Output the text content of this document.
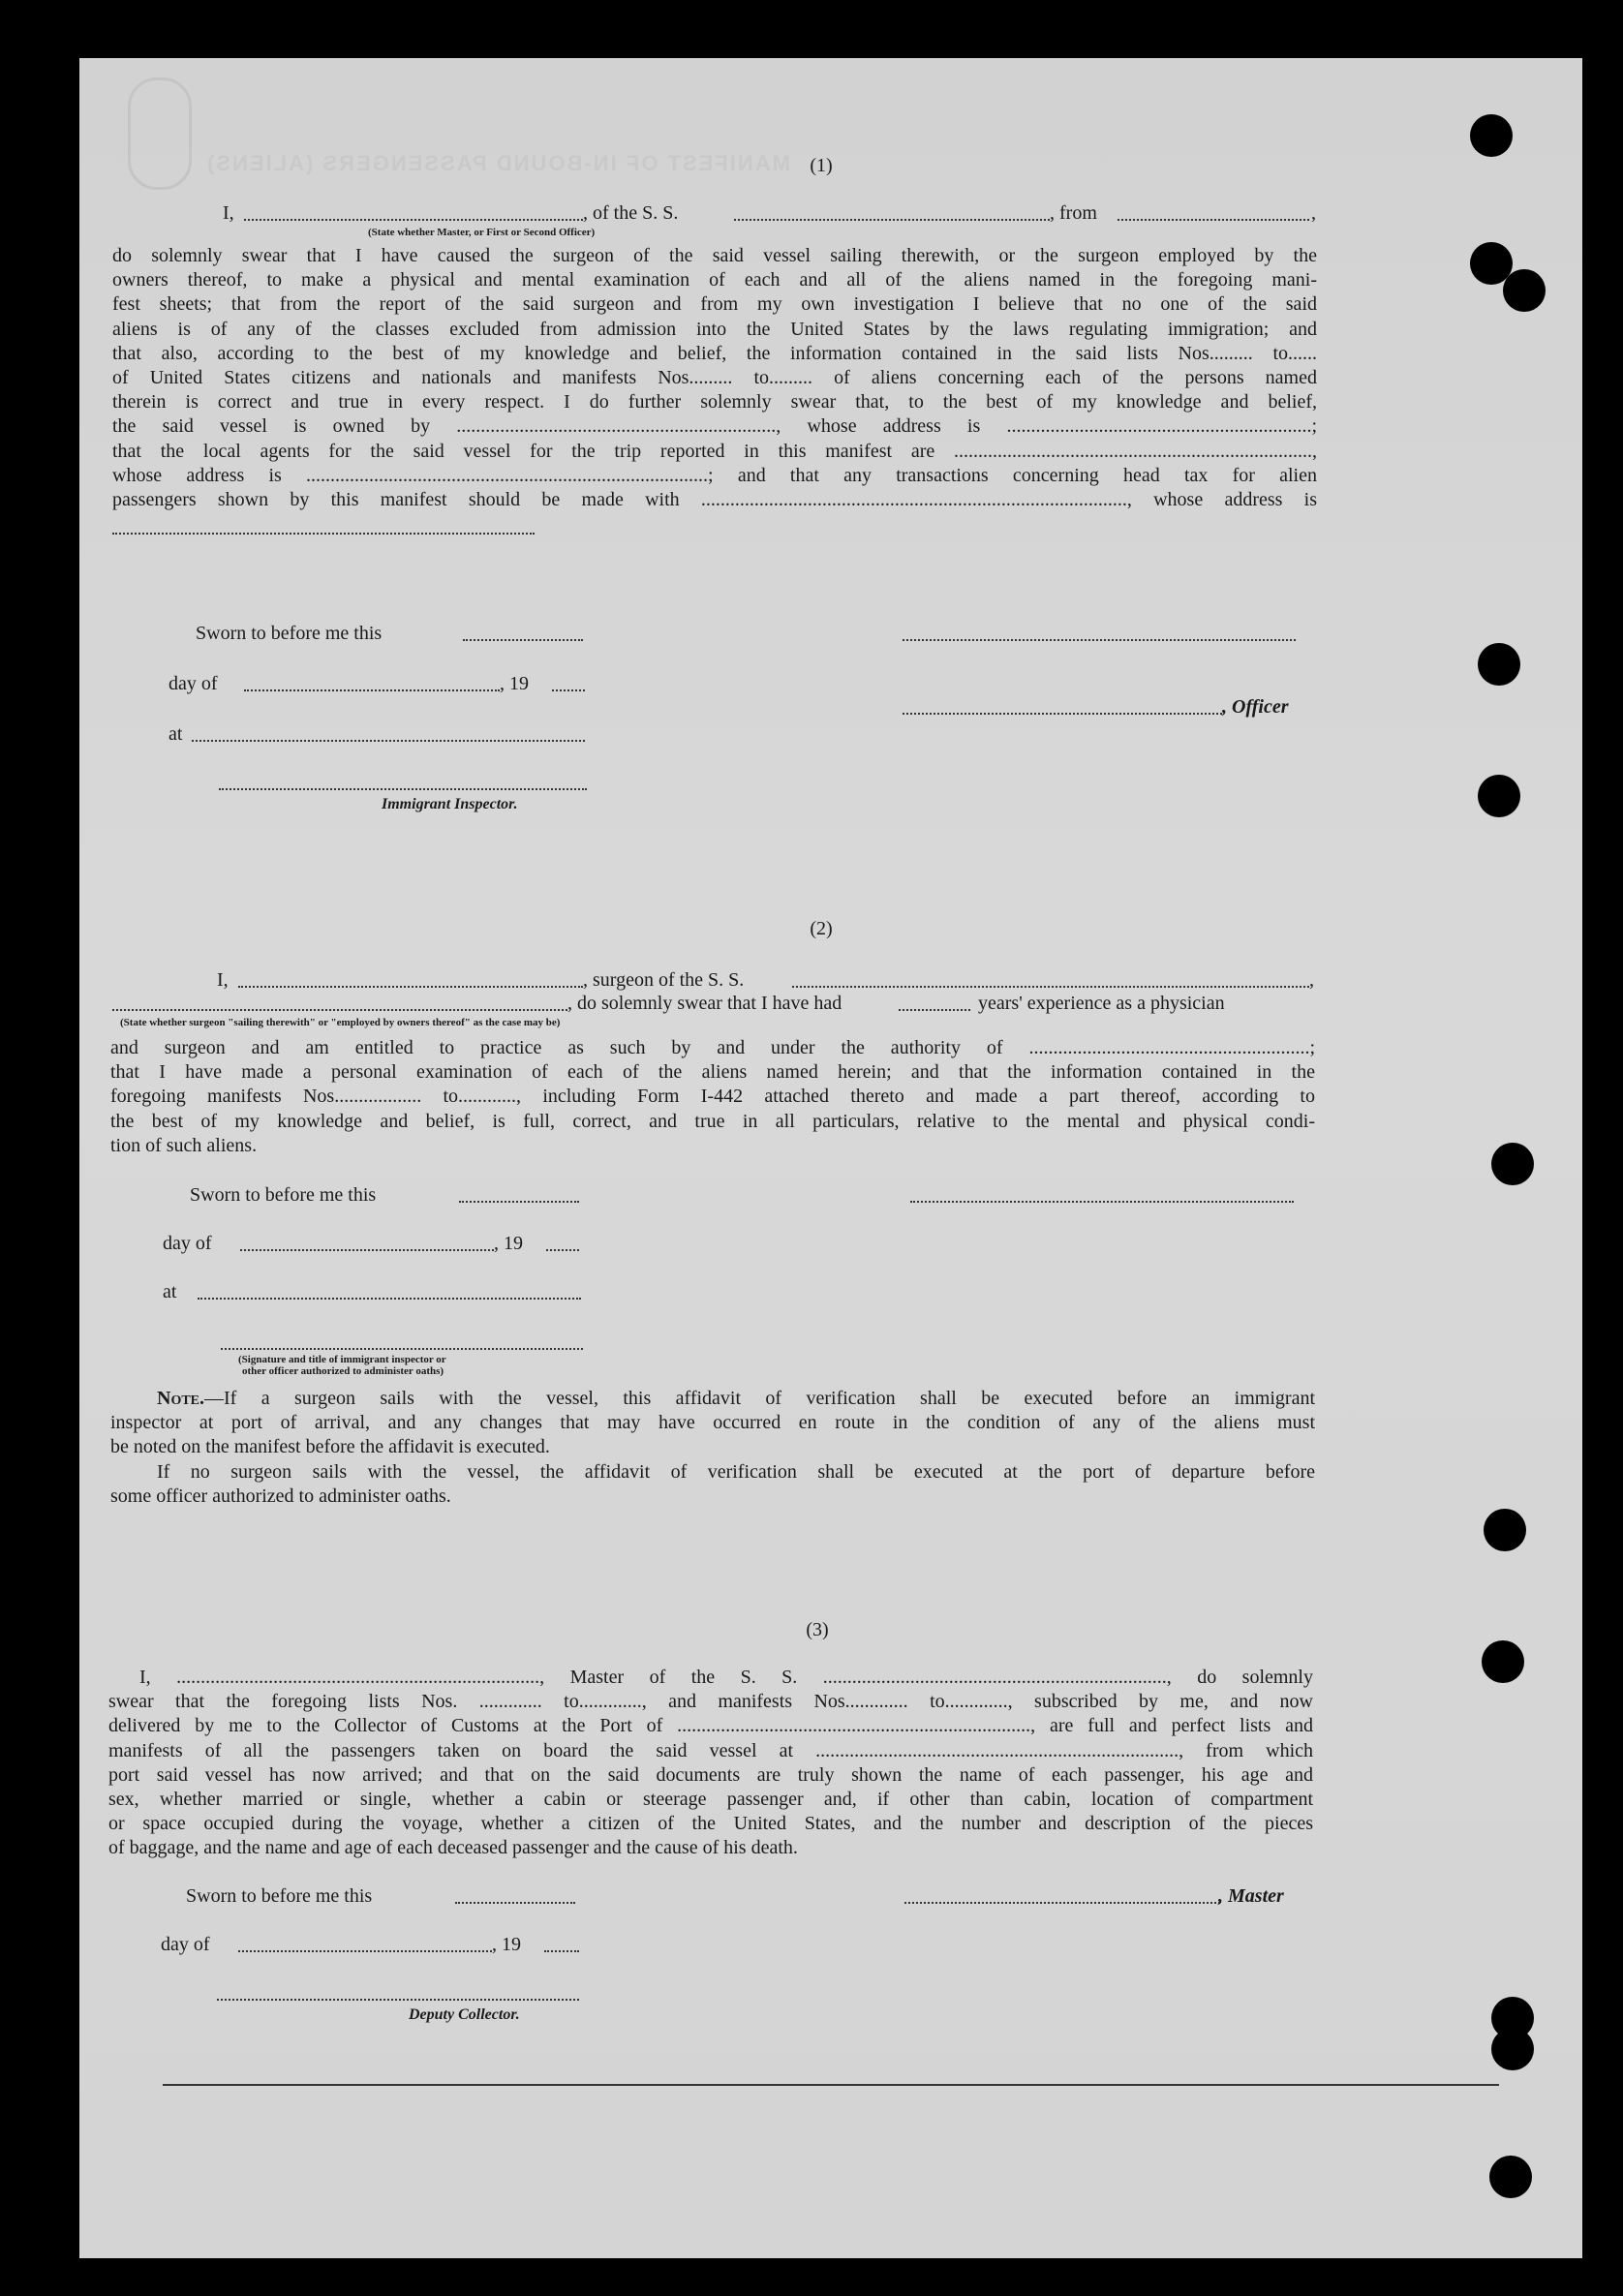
MANIFEST OF IN-BOUND PASSENGERS (ALIENS)	(1)
I,	, of the S. S.	, from	,
(State whether Master, or First or Second Officer)

do solemnly swear that I have caused the surgeon of the said vessel sailing therewith, or the surgeon employed by the

owners thereof, to make a physical and mental examination of each and all of the aliens named in the foregoing mani-

fest sheets; that from the report of the said surgeon and from my own investigation I believe that no one of the said

aliens is of any of the classes excluded from admission into the United States by the laws regulating immigration; and

that also, according to the best of my knowledge and belief, the information contained in the said lists Nos......... to......

of United States citizens and nationals and manifests Nos......... to......... of aliens concerning each of the persons named

therein is correct and true in every respect. I do further solemnly swear that, to the best of my knowledge and belief,

the said vessel is owned by .................................................................., whose address is ...............................................................;

that the local agents for the said vessel for the trip reported in this manifest are ..........................................................................,

whose address is ...................................................................................; and that any transactions concerning head tax for alien

passengers shown by this manifest should be made with ........................................................................................, whose address is

Sworn to before me this
day of	, 19
, Officer
at
Immigrant Inspector.
(2)
I,	, surgeon of the S. S.	,
, do solemnly swear that I have had	years' experience as a physician
(State whether surgeon "sailing therewith" or "employed by owners thereof" as the case may be)

and surgeon and am entitled to practice as such by and under the authority of ..........................................................;

that I have made a personal examination of each of the aliens named herein; and that the information contained in the

foregoing manifests Nos.................. to............, including Form I-442 attached thereto and made a part thereof, according to

the best of my knowledge and belief, is full, correct, and true in all particulars, relative to the mental and physical condi-

tion of such aliens.

Sworn to before me this
day of	, 19
at
(Signature and title of immigrant inspector or
other officer authorized to administer oaths)

Note.—If a surgeon sails with the vessel, this affidavit of verification shall be executed before an immigrant

inspector at port of arrival, and any changes that may have occurred en route in the condition of any of the aliens must

be noted on the manifest before the affidavit is executed.

If no surgeon sails with the vessel, the affidavit of verification shall be executed at the port of departure before

some officer authorized to administer oaths.

(3)

I, ..........................................................................., Master of the S. S. ......................................................................., do solemnly

swear that the foregoing lists Nos. ............. to............., and manifests Nos............. to............., subscribed by me, and now

delivered by me to the Collector of Customs at the Port of ........................................................................., are full and perfect lists and

manifests of all the passengers taken on board the said vessel at ..........................................................................., from which

port said vessel has now arrived; and that on the said documents are truly shown the name of each passenger, his age and

sex, whether married or single, whether a cabin or steerage passenger and, if other than cabin, location of compartment

or space occupied during the voyage, whether a citizen of the United States, and the number and description of the pieces

of baggage, and the name and age of each deceased passenger and the cause of his death.

Sworn to before me this	, Master
day of	, 19
Deputy Collector.
